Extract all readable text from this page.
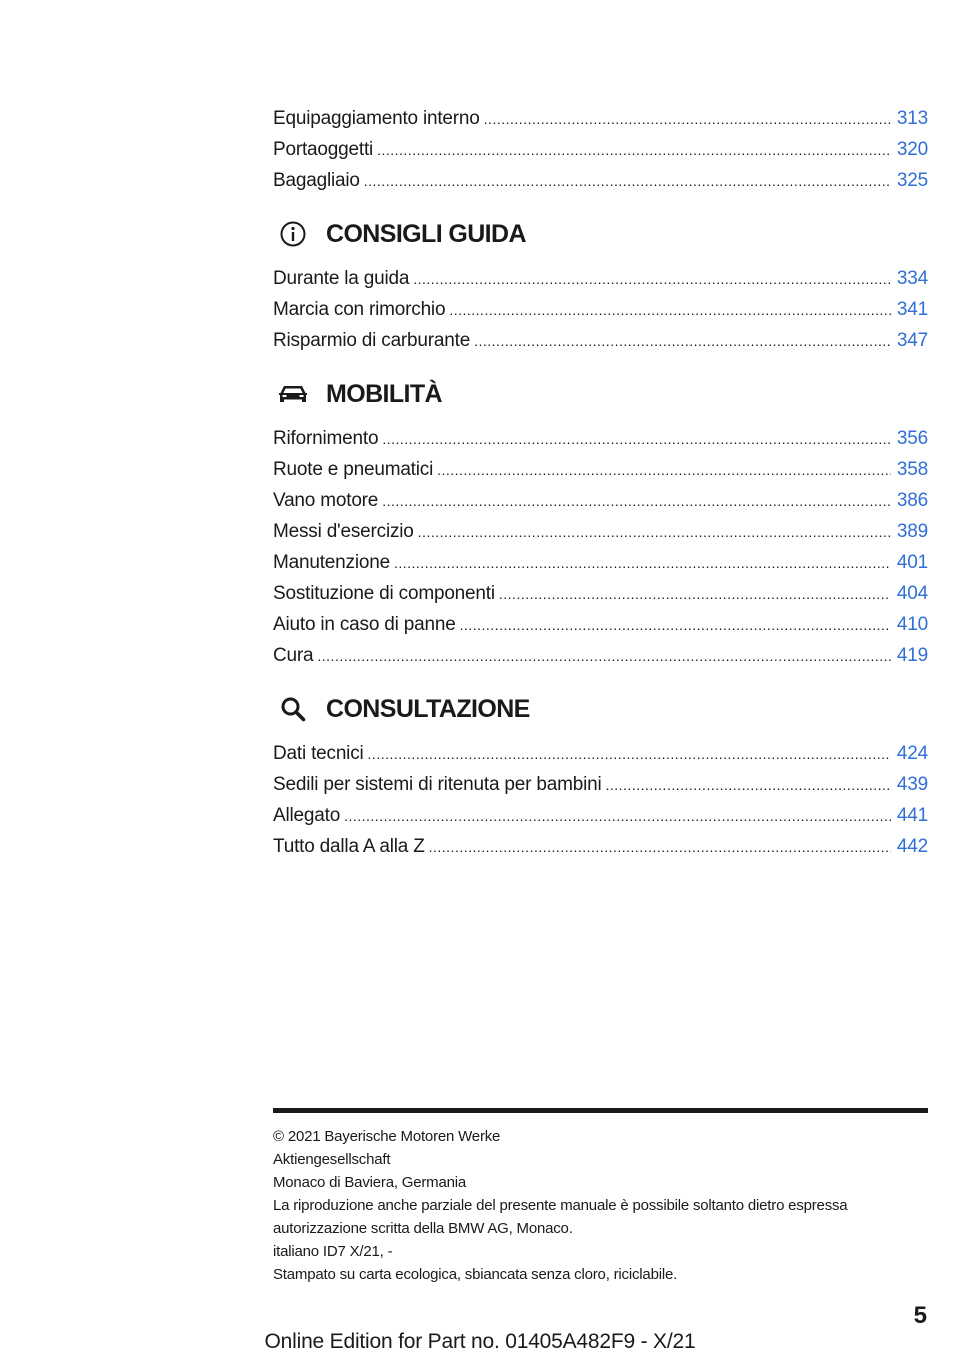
Equipaggiamento interno .....	313
Portaoggetti .....	320
Bagagliaio .....	325
CONSIGLI GUIDA
Durante la guida .....	334
Marcia con rimorchio .....	341
Risparmio di carburante .....	347
MOBILITÀ
Rifornimento .....	356
Ruote e pneumatici .....	358
Vano motore .....	386
Messi d'esercizio .....	389
Manutenzione .....	401
Sostituzione di componenti .....	404
Aiuto in caso di panne .....	410
Cura .....	419
CONSULTAZIONE
Dati tecnici .....	424
Sedili per sistemi di ritenuta per bambini .....	439
Allegato .....	441
Tutto dalla A alla Z .....	442
© 2021 Bayerische Motoren Werke
Aktiengesellschaft
Monaco di Baviera, Germania
La riproduzione anche parziale del presente manuale è possibile soltanto dietro espressa
autorizzazione scritta della BMW AG, Monaco.
italiano ID7 X/21, -
Stampato su carta ecologica, sbiancata senza cloro, riciclabile.
5
Online Edition for Part no. 01405A482F9 - X/21
